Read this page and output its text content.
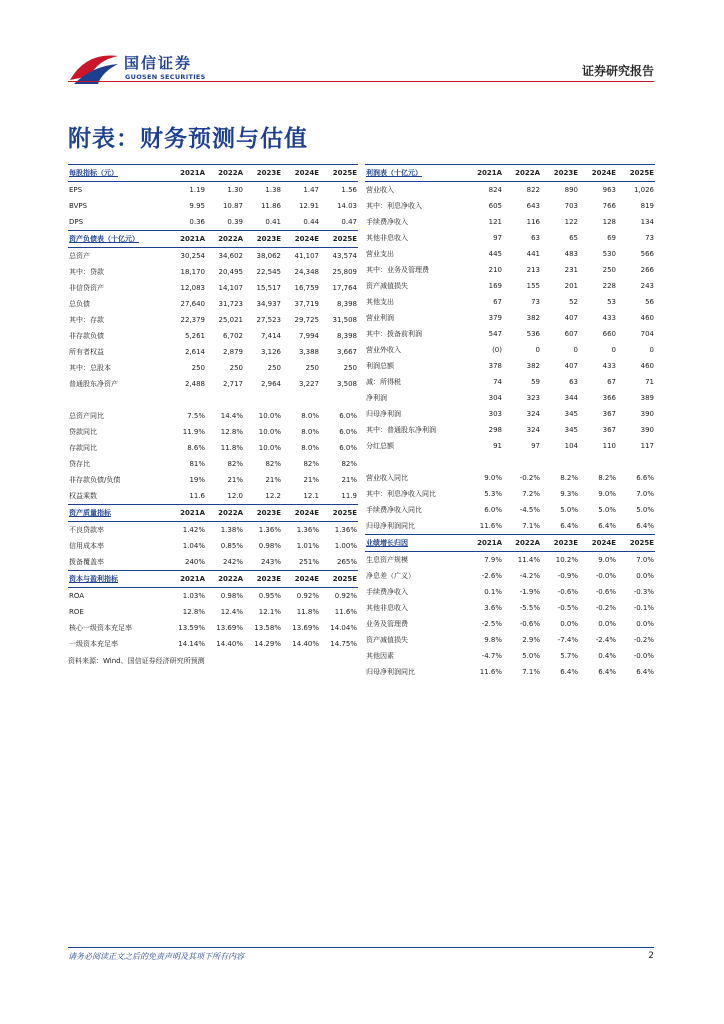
国信证券
GUOSEN SECURITIES	证券研究报告
附表：财务预测与估值
每股指标（元）	2021A	2022A	2023E	2024E	2025E
EPS	1.19	1.30	1.38	1.47	1.56
BVPS	9.95	10.87	11.86	12.91	14.03
DPS	0.36	0.39	0.41	0.44	0.47
资产负债表（十亿元）	2021A	2022A	2023E	2024E	2025E
总资产	30,254	34,602	38,062	41,107	43,574
其中：贷款	18,170	20,495	22,545	24,348	25,809
非信贷资产	12,083	14,107	15,517	16,759	17,764
总负债	27,640	31,723	34,937	37,719	8,398
其中：存款	22,379	25,021	27,523	29,725	31,508
非存款负债	5,261	6,702	7,414	7,994	8,398
所有者权益	2,614	2,879	3,126	3,388	3,667
其中：总股本	250	250	250	250	250
普通股东净资产	2,488	2,717	2,964	3,227	3,508

总资产同比	7.5%	14.4%	10.0%	8.0%	6.0%
贷款同比	11.9%	12.8%	10.0%	8.0%	6.0%
存款同比	8.6%	11.8%	10.0%	8.0%	6.0%
贷存比	81%	82%	82%	82%	82%
非存款负债/负债	19%	21%	21%	21%	21%
权益乘数	11.6	12.0	12.2	12.1	11.9
资产质量指标	2021A	2022A	2023E	2024E	2025E
不良贷款率	1.42%	1.38%	1.36%	1.36%	1.36%
信用成本率	1.04%	0.85%	0.98%	1.01%	1.00%
拨备覆盖率	240%	242%	243%	251%	265%
资本与盈利指标	2021A	2022A	2023E	2024E	2025E
ROA	1.03%	0.98%	0.95%	0.92%	0.92%
ROE	12.8%	12.4%	12.1%	11.8%	11.6%
核心一级资本充足率	13.59%	13.69%	13.58%	13.69%	14.04%
一级资本充足率	14.14%	14.40%	14.29%	14.40%	14.75%
资料来源：Wind、国信证券经济研究所预测
利润表（十亿元）	2021A	2022A	2023E	2024E	2025E
营业收入	824	822	890	963	1,026
其中：利息净收入	605	643	703	766	819
手续费净收入	121	116	122	128	134
其他非息收入	97	63	65	69	73
营业支出	445	441	483	530	566
其中：业务及管理费	210	213	231	250	266
资产减值损失	169	155	201	228	243
其他支出	67	73	52	53	56
营业利润	379	382	407	433	460
其中：拨备前利润	547	536	607	660	704
营业外收入	(0)	0	0	0	0
利润总额	378	382	407	433	460
减：所得税	74	59	63	67	71
净利润	304	323	344	366	389
归母净利润	303	324	345	367	390
其中：普通股东净利润	298	324	345	367	390
分红总额	91	97	104	110	117

营业收入同比	9.0%	-0.2%	8.2%	8.2%	6.6%
其中：利息净收入同比	5.3%	7.2%	9.3%	9.0%	7.0%
手续费净收入同比	6.0%	-4.5%	5.0%	5.0%	5.0%
归母净利润同比	11.6%	7.1%	6.4%	6.4%	6.4%
业绩增长归因	2021A	2022A	2023E	2024E	2025E
生息资产规模	7.9%	11.4%	10.2%	9.0%	7.0%
净息差（广义）	-2.6%	-4.2%	-0.9%	-0.0%	0.0%
手续费净收入	0.1%	-1.9%	-0.6%	-0.6%	-0.3%
其他非息收入	3.6%	-5.5%	-0.5%	-0.2%	-0.1%
业务及管理费	-2.5%	-0.6%	0.0%	0.0%	0.0%
资产减值损失	9.8%	2.9%	-7.4%	-2.4%	-0.2%
其他因素	-4.7%	5.0%	5.7%	0.4%	-0.0%
归母净利润同比	11.6%	7.1%	6.4%	6.4%	6.4%
请务必阅读正文之后的免责声明及其项下所有内容	2
